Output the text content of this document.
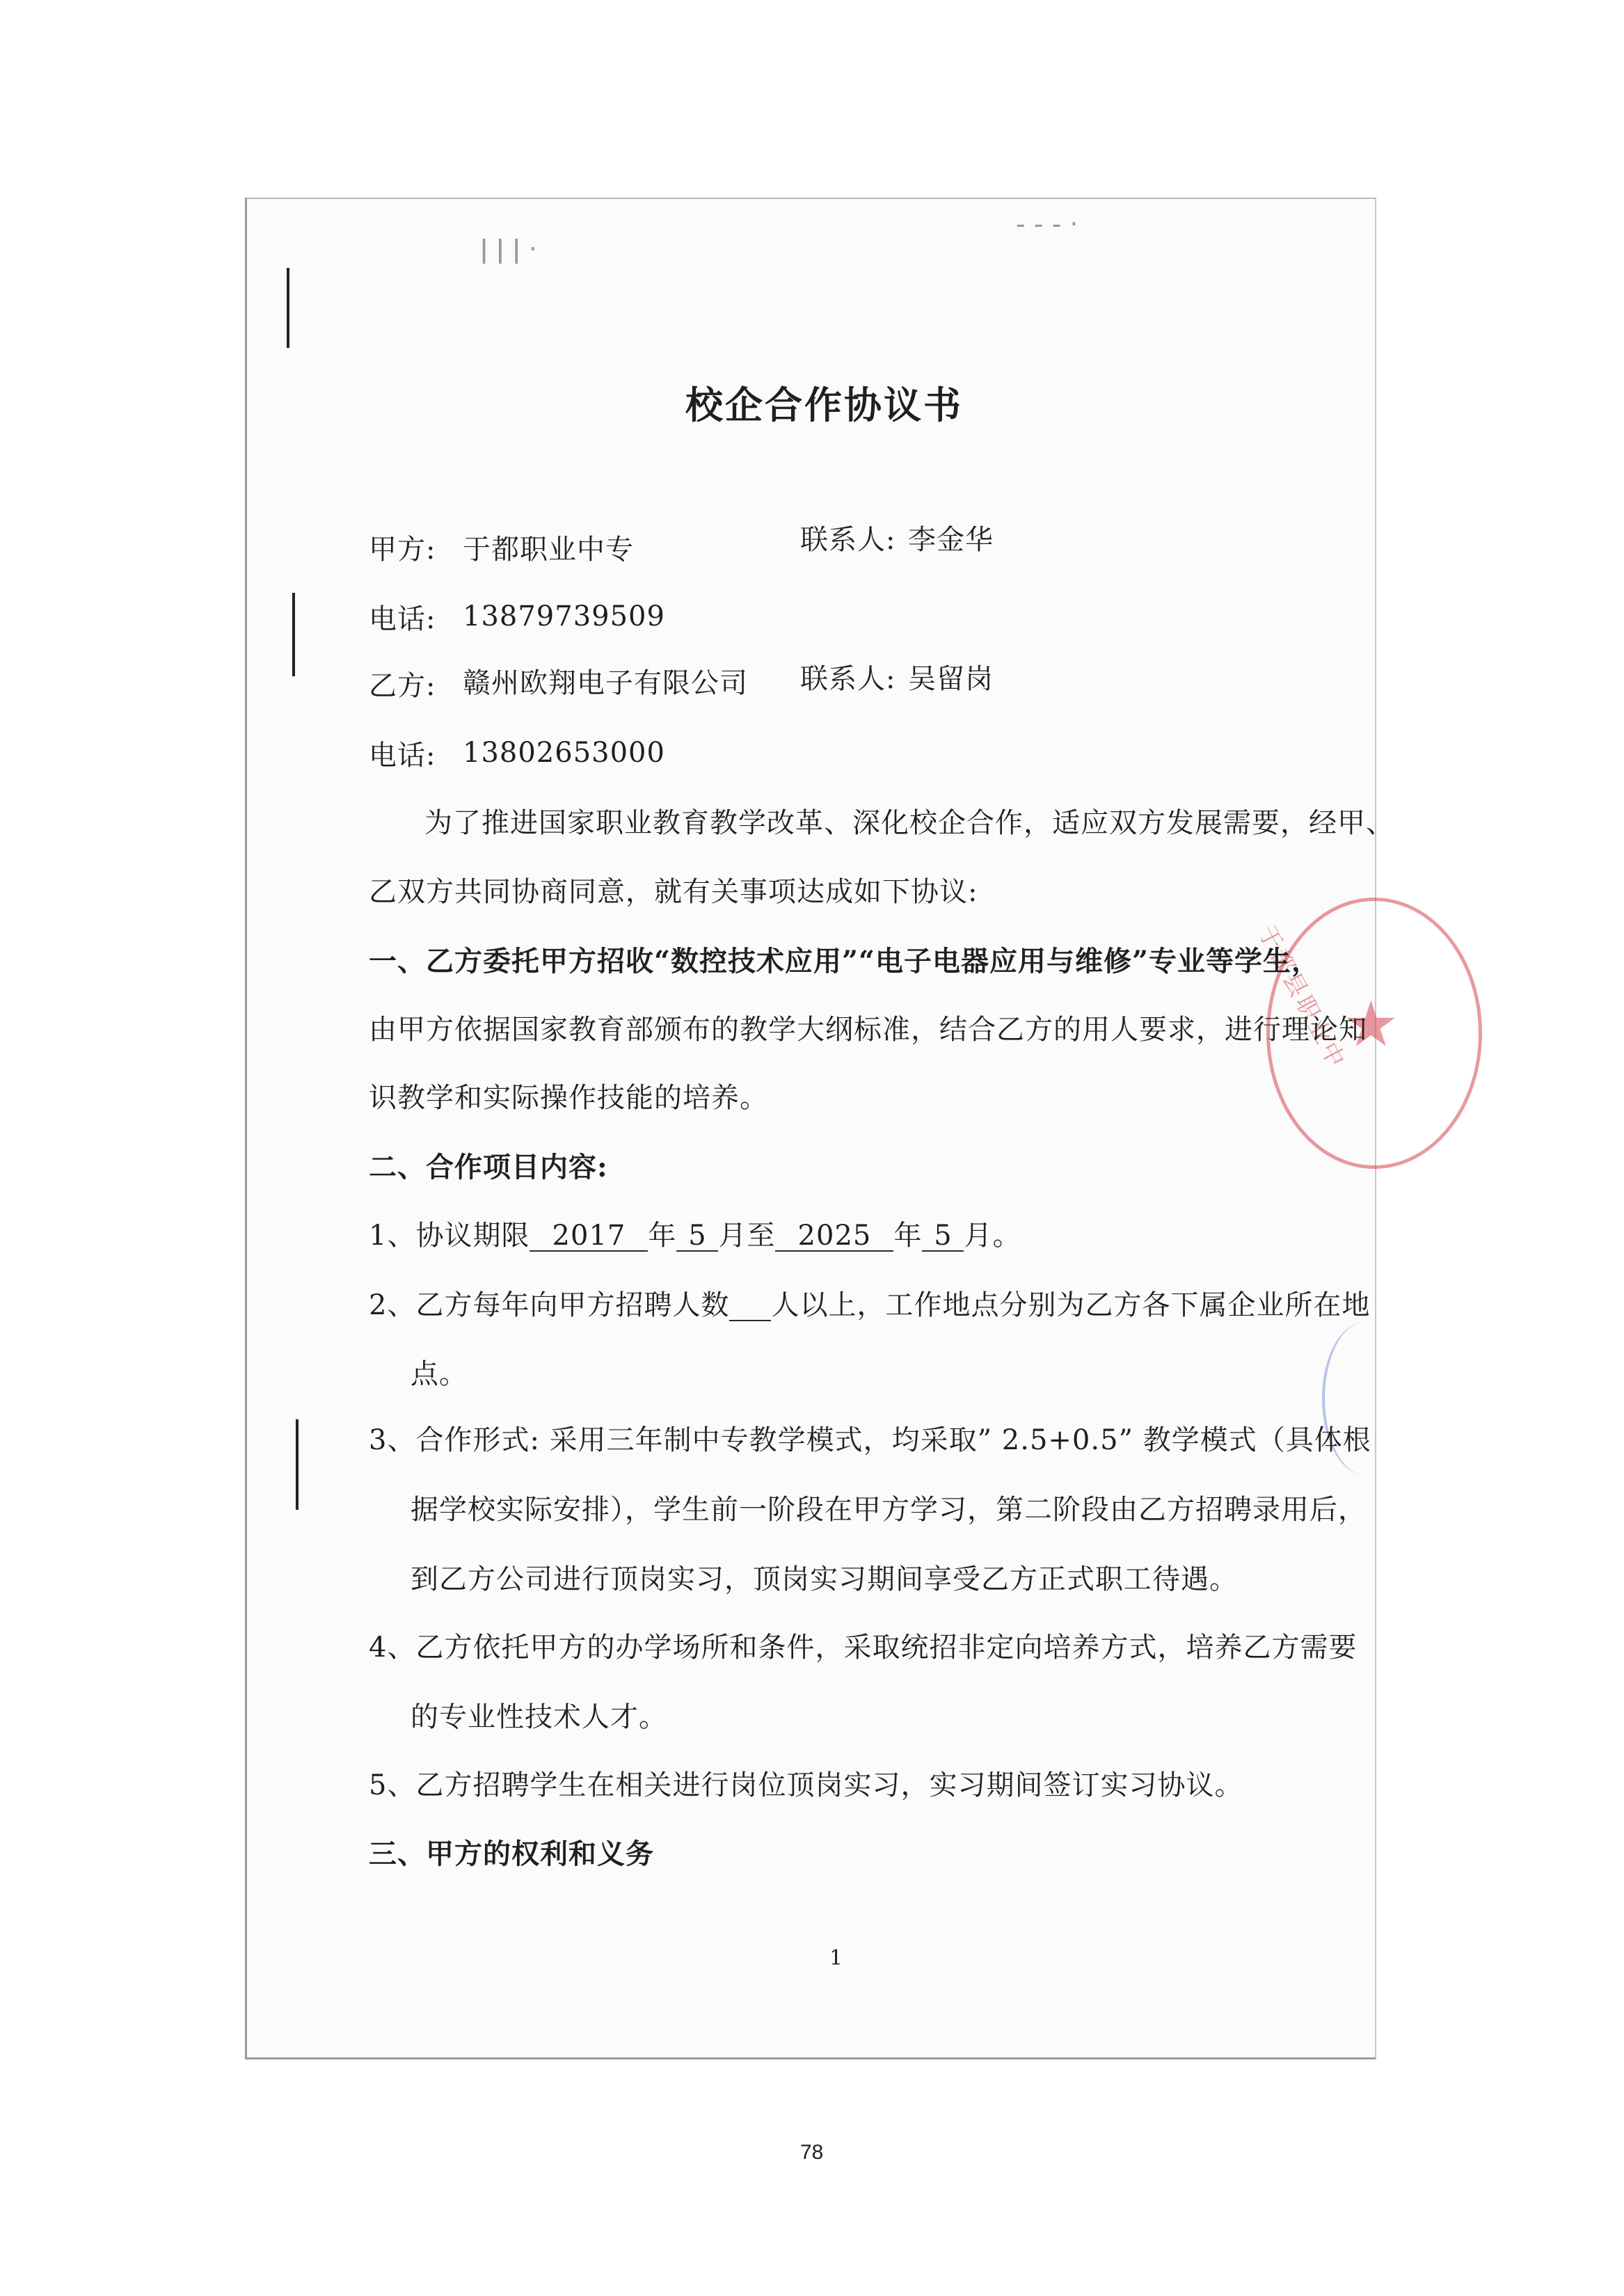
ǀ ǀ ǀ ·
- - - ·
★
于都县职业中
校企合作协议书
甲方: 于都职业中专	联系人: 李金华
电话: 13879739509
乙方: 赣州欧翔电子有限公司 联系人: 吴留岗
电话: 13802653000
为了推进国家职业教育教学改革、深化校企合作，适应双方发展需要，经甲、
乙双方共同协商同意，就有关事项达成如下协议:
一、乙方委托甲方招收“数控技术应用”“电子电器应用与维修”专业等学生，
由甲方依据国家教育部颁布的教学大纲标准，结合乙方的用人要求，进行理论知
识教学和实际操作技能的培养。
二、合作项目内容:
1、协议期限 2017 年 5 月至 2025 年 5 月。
2、乙方每年向甲方招聘人数 人以上，工作地点分别为乙方各下属企业所在地
点。
3、合作形式: 采用三年制中专教学模式，均采取” 2.5+0.5” 教学模式（具体根
据学校实际安排），学生前一阶段在甲方学习，第二阶段由乙方招聘录用后，
到乙方公司进行顶岗实习，顶岗实习期间享受乙方正式职工待遇。
4、乙方依托甲方的办学场所和条件，采取统招非定向培养方式，培养乙方需要
的专业性技术人才。
5、乙方招聘学生在相关进行岗位顶岗实习，实习期间签订实习协议。
三、甲方的权利和义务
1
78
